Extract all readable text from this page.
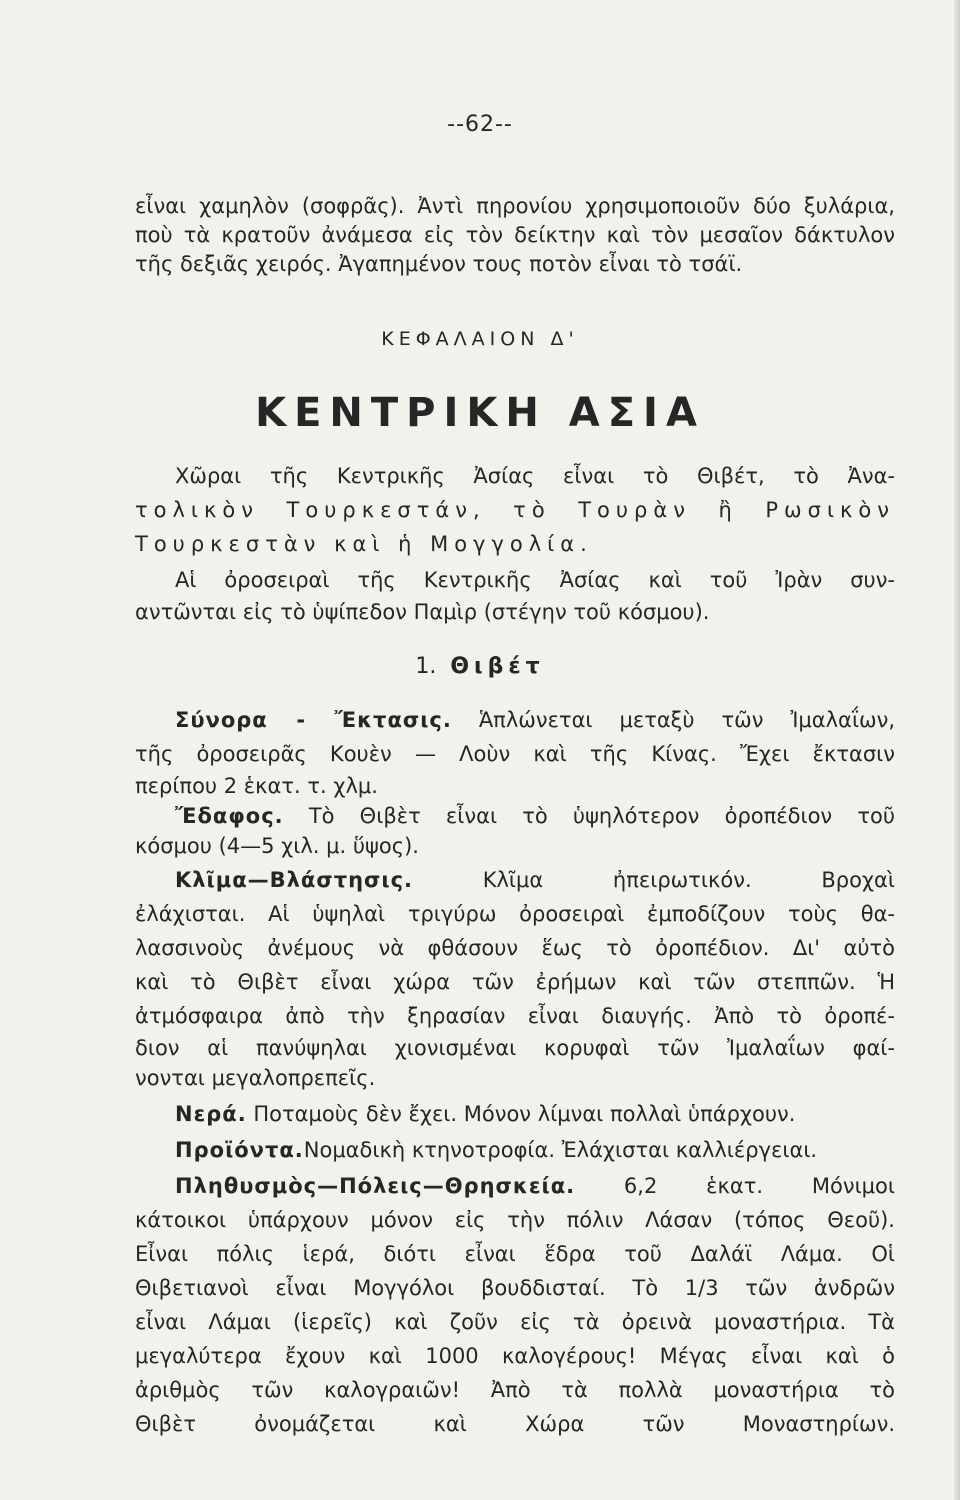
--62--
εἶναι χαμηλὸν (σοφρᾶς). Ἀντὶ πηρονίου χρησιμοποιοῦν δύο ξυλάρια,
ποὺ τὰ κρατοῦν ἀνάμεσα εἰς τὸν δείκτην καὶ τὸν μεσαῖον δάκτυλον
τῆς δεξιᾶς χειρός. Ἀγαπημένον τους ποτὸν εἶναι τὸ τσάϊ.
ΚΕΦΑΛΑΙΟΝ Δ'
ΚΕΝΤΡΙΚΗ ΑΣΙΑ
Χῶραι τῆς Κεντρικῆς Ἀσίας εἶναι τὸ Θιβέτ, τὸ Ἀνα-
τολικὸν Τουρκεστάν, τὸ Τουρὰν ἢ Ρωσικὸν
Τουρκεστὰν καὶ ἡ Μογγολία.
Αἱ ὀροσειραὶ τῆς Κεντρικῆς Ἀσίας καὶ τοῦ Ἰρὰν συν-
αντῶνται εἰς τὸ ὑψίπεδον Παμὶρ (στέγην τοῦ κόσμου).
1. Θιβέτ
Σύνορα - Ἔκτασις. Ἁπλώνεται μεταξὺ τῶν Ἰμαλαΐων,
τῆς ὀροσειρᾶς Κουὲν — Λοὺν καὶ τῆς Κίνας. Ἔχει ἔκτασιν
περίπου 2 ἑκατ. τ. χλμ.
Ἔδαφος. Τὸ Θιβὲτ εἶναι τὸ ὑψηλότερον ὀροπέδιον τοῦ
κόσμου (4—5 χιλ. μ. ὕψος).
Κλῖμα—Βλάστησις. Κλῖμα ἠπειρωτικόν. Βροχαὶ
ἐλάχισται. Αἱ ὑψηλαὶ τριγύρω ὀροσειραὶ ἐμποδίζουν τοὺς θα-
λασσινοὺς ἀνέμους νὰ φθάσουν ἕως τὸ ὀροπέδιον. Δι' αὐτὸ
καὶ τὸ Θιβὲτ εἶναι χώρα τῶν ἐρήμων καὶ τῶν στεππῶν. Ἡ
ἀτμόσφαιρα ἀπὸ τὴν ξηρασίαν εἶναι διαυγής. Ἀπὸ τὸ ὀροπέ-
διον αἱ πανύψηλαι χιονισμέναι κορυφαὶ τῶν Ἰμαλαΐων φαί-
νονται μεγαλοπρεπεῖς.
Νερά. Ποταμοὺς δὲν ἔχει. Μόνον λίμναι πολλαὶ ὑπάρχουν.
Προϊόντα.Νομαδικὴ κτηνοτροφία. Ἐλάχισται καλλιέργειαι.
Πληθυσμὸς—Πόλεις—Θρησκεία. 6,2 ἑκατ. Μόνιμοι
κάτοικοι ὑπάρχουν μόνον εἰς τὴν πόλιν Λάσαν (τόπος Θεοῦ).
Εἶναι πόλις ἱερά, διότι εἶναι ἕδρα τοῦ Δαλάϊ Λάμα. Οἱ
Θιβετιανοὶ εἶναι Μογγόλοι βουδδισταί. Τὸ 1/3 τῶν ἀνδρῶν
εἶναι Λάμαι (ἱερεῖς) καὶ ζοῦν εἰς τὰ ὀρεινὰ μοναστήρια. Τὰ
μεγαλύτερα ἔχουν καὶ 1000 καλογέρους! Μέγας εἶναι καὶ ὁ
ἀριθμὸς τῶν καλογραιῶν! Ἀπὸ τὰ πολλὰ μοναστήρια τὸ
Θιβὲτ ὀνομάζεται καὶ Χώρα τῶν Μοναστηρίων.
